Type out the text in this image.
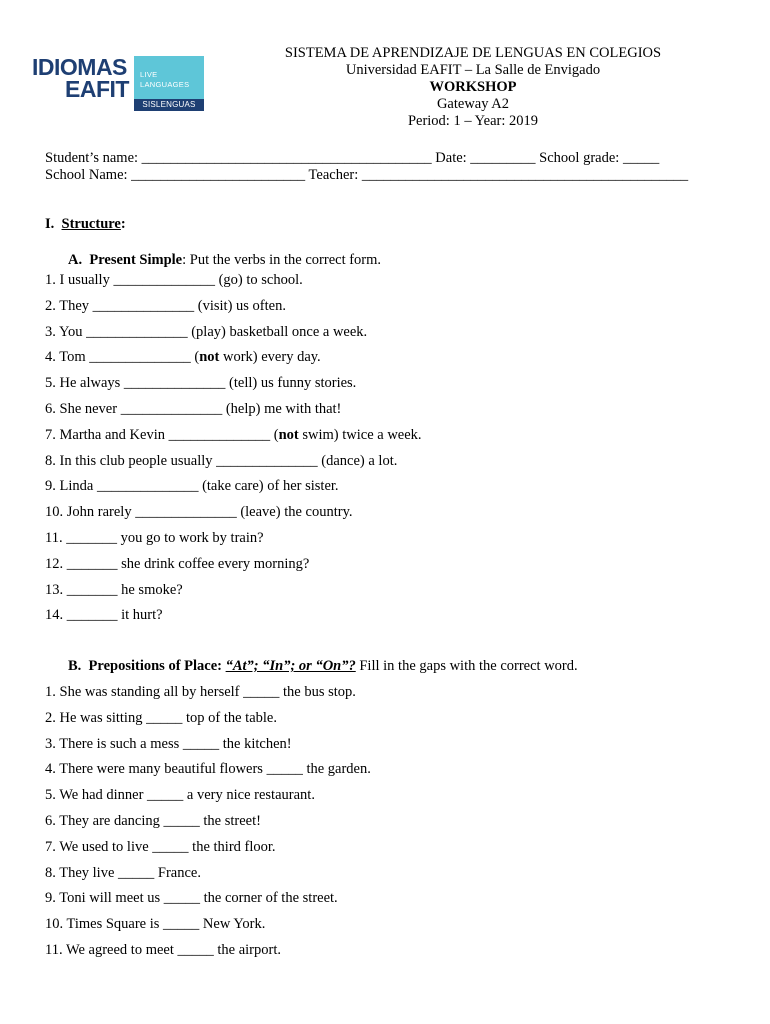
IDIOMAS
EAFIT
LIVE
LANGUAGES
SISLENGUAS
SISTEMA DE APRENDIZAJE DE LENGUAS EN COLEGIOS
Universidad EAFIT – La Salle de Envigado
WORKSHOP
Gateway A2
Period: 1 – Year: 2019
Student’s name: ________________________________________ Date: _________ School grade: _____
School Name: ________________________ Teacher: _____________________________________________
I. Structure:
A. Present Simple: Put the verbs in the correct form.
1. I usually ______________ (go) to school.
2. They ______________ (visit) us often.
3. You ______________ (play) basketball once a week.
4. Tom ______________ (not work) every day.
5. He always ______________ (tell) us funny stories.
6. She never ______________ (help) me with that!
7. Martha and Kevin ______________ (not swim) twice a week.
8. In this club people usually ______________ (dance) a lot.
9. Linda ______________ (take care) of her sister.
10. John rarely ______________ (leave) the country.
11. _______ you go to work by train?
12. _______ she drink coffee every morning?
13. _______ he smoke?
14. _______ it hurt?
B. Prepositions of Place: “At”; “In”; or “On”? Fill in the gaps with the correct word.
1. She was standing all by herself _____ the bus stop.
2. He was sitting _____ top of the table.
3. There is such a mess _____ the kitchen!
4. There were many beautiful flowers _____ the garden.
5. We had dinner _____ a very nice restaurant.
6. They are dancing _____ the street!
7. We used to live _____ the third floor.
8. They live _____ France.
9. Toni will meet us _____ the corner of the street.
10. Times Square is _____ New York.
11. We agreed to meet _____ the airport.
